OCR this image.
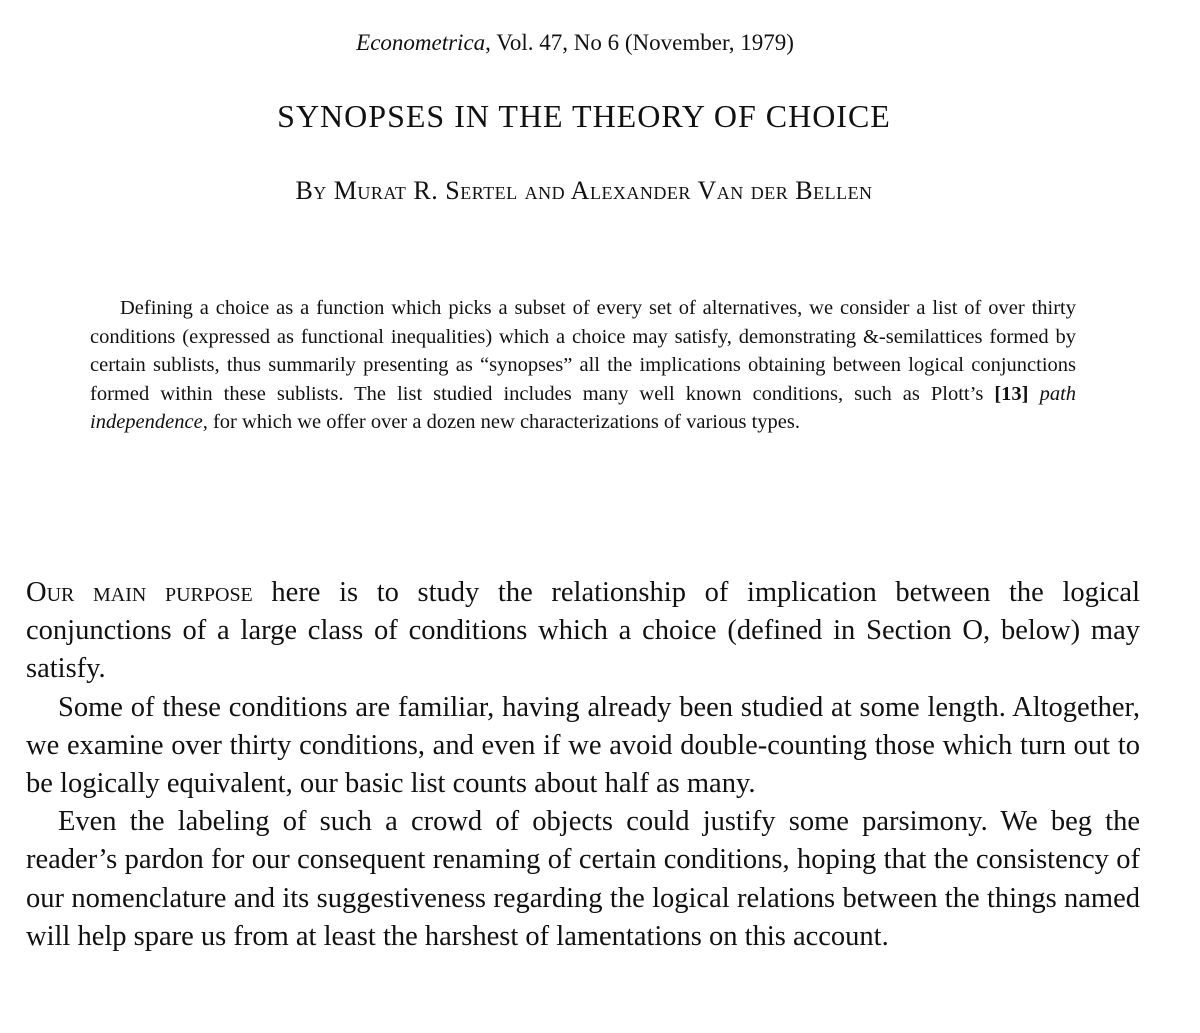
Econometrica, Vol. 47, No 6 (November, 1979)
SYNOPSES IN THE THEORY OF CHOICE
By Murat R. Sertel and Alexander Van der Bellen

Defining a choice as a function which picks a subset of every set of alternatives, we consider a list of over thirty conditions (expressed as functional inequalities) which a choice may satisfy, demonstrating &-semilattices formed by certain sublists, thus summarily presenting as “synopses” all the implications obtaining between logical conjunctions formed within these sublists. The list studied includes many well known conditions, such as Plott’s [13] path independence, for which we offer over a dozen new characterizations of various types.

Our main purpose here is to study the relationship of implication between the logical conjunctions of a large class of conditions which a choice (defined in Section O, below) may satisfy.

Some of these conditions are familiar, having already been studied at some length. Altogether, we examine over thirty conditions, and even if we avoid double-counting those which turn out to be logically equivalent, our basic list counts about half as many.

Even the labeling of such a crowd of objects could justify some parsimony. We beg the reader’s pardon for our consequent renaming of certain conditions, hoping that the consistency of our nomenclature and its suggestiveness regarding the logical relations between the things named will help spare us from at least the harshest of lamentations on this account.
